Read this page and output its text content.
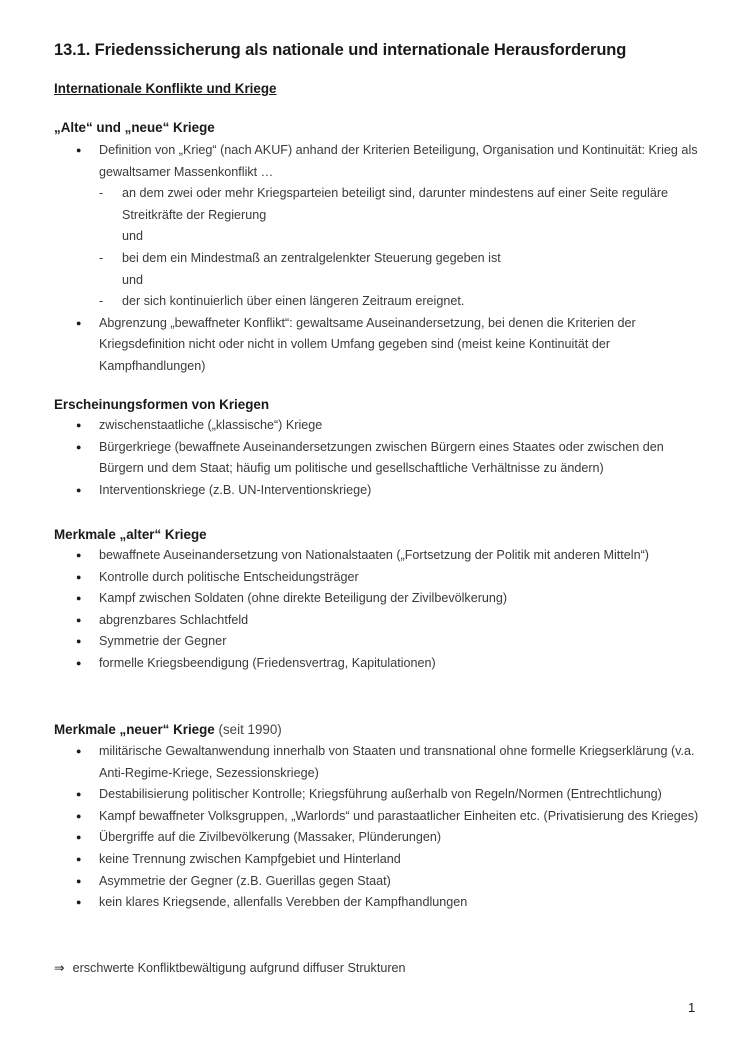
13.1. Friedenssicherung als nationale und internationale Herausforderung
Internationale Konflikte und Kriege
„Alte“ und „neue“ Kriege
● Definition von „Krieg“ (nach AKUF) anhand der Kriterien Beteiligung, Organisation und Kontinuität: Krieg als gewaltsamer Massenkonflikt …
- an dem zwei oder mehr Kriegsparteien beteiligt sind, darunter mindestens auf einer Seite reguläre Streitkräfte der Regierung
und
- bei dem ein Mindestmaß an zentralgelenkter Steuerung gegeben ist
und
- der sich kontinuierlich über einen längeren Zeitraum ereignet.
● Abgrenzung „bewaffneter Konflikt“: gewaltsame Auseinandersetzung, bei denen die Kriterien der Kriegsdefinition nicht oder nicht in vollem Umfang gegeben sind (meist keine Kontinuität der Kampfhandlungen)
Erscheinungsformen von Kriegen
● zwischenstaatliche („klassische“) Kriege
● Bürgerkriege (bewaffnete Auseinandersetzungen zwischen Bürgern eines Staates oder zwischen den Bürgern und dem Staat; häufig um politische und gesellschaftliche Verhältnisse zu ändern)
● Interventionskriege (z.B. UN-Interventionskriege)
Merkmale „alter“ Kriege
● bewaffnete Auseinandersetzung von Nationalstaaten („Fortsetzung der Politik mit anderen Mitteln“)
● Kontrolle durch politische Entscheidungsträger
● Kampf zwischen Soldaten (ohne direkte Beteiligung der Zivilbevölkerung)
● abgrenzbares Schlachtfeld
● Symmetrie der Gegner
● formelle Kriegsbeendigung (Friedensvertrag, Kapitulationen)
Merkmale „neuer“ Kriege (seit 1990)
● militärische Gewaltanwendung innerhalb von Staaten und transnational ohne formelle Kriegserklärung (v.a. Anti-Regime-Kriege, Sezessionskriege)
● Destabilisierung politischer Kontrolle; Kriegsführung außerhalb von Regeln/Normen (Entrechtlichung)
● Kampf bewaffneter Volksgruppen, „Warlords“ und parastaatlicher Einheiten etc. (Privatisierung des Krieges)
● Übergriffe auf die Zivilbevölkerung (Massaker, Plünderungen)
● keine Trennung zwischen Kampfgebiet und Hinterland
● Asymmetrie der Gegner (z.B. Guerillas gegen Staat)
● kein klares Kriegsende, allenfalls Verebben der Kampfhandlungen
⇒ erschwerte Konfliktbewältigung aufgrund diffuser Strukturen
1
